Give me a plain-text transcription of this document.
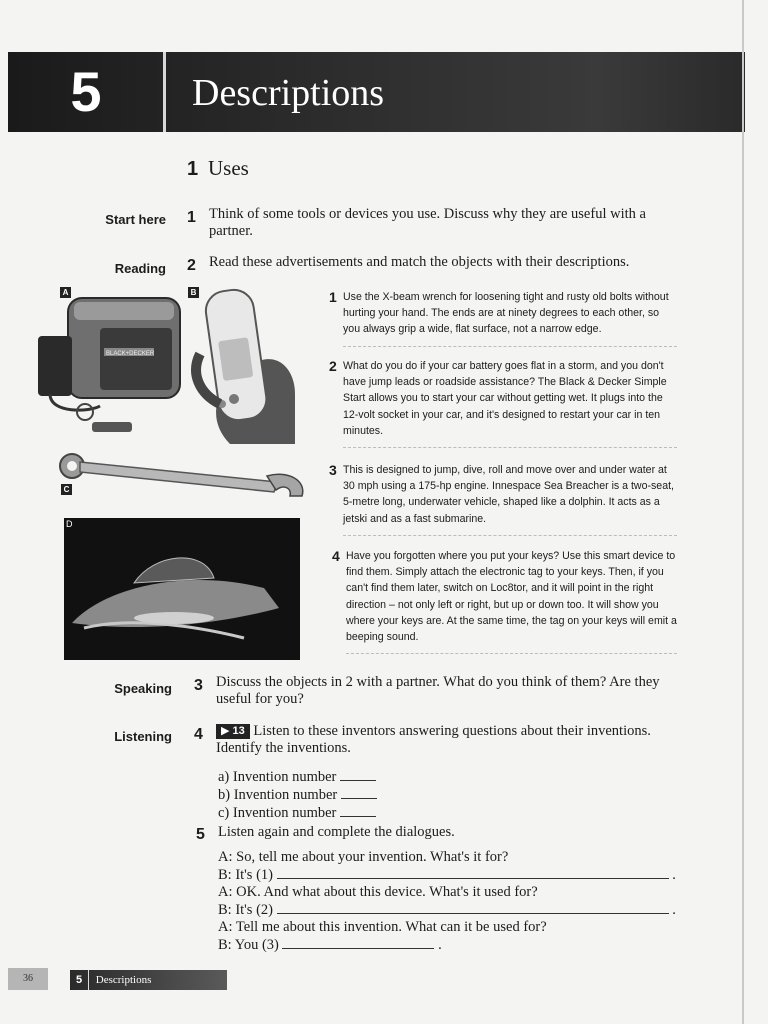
5	Descriptions
1 Uses
Start here 1 Think of some tools or devices you use. Discuss why they are useful with a partner.
Reading 2 Read these advertisements and match the objects with their descriptions.
A
BLACK+DECKER
B
C
D
1 Use the X-beam wrench for loosening tight and rusty old bolts without hurting your hand. The ends are at ninety degrees to each other, so you always grip a wide, flat surface, not a narrow edge.
2 What do you do if your car battery goes flat in a storm, and you don't have jump leads or roadside assistance? The Black & Decker Simple Start allows you to start your car without getting wet. It plugs into the 12-volt socket in your car, and it's designed to restart your car in ten minutes.
3 This is designed to jump, dive, roll and move over and under water at 30 mph using a 175-hp engine. Innespace Sea Breacher is a two-seat, 5-metre long, underwater vehicle, shaped like a dolphin. It acts as a jetski and as a fast submarine.
4 Have you forgotten where you put your keys? Use this smart device to find them. Simply attach the electronic tag to your keys. Then, if you can't find them later, switch on Loc8tor, and it will point in the right direction – not only left or right, but up or down too. It will show you where your keys are. At the same time, the tag on your keys will emit a beeping sound.
Speaking 3 Discuss the objects in 2 with a partner. What do you think of them? Are they useful for you?
Listening 4	▶ 13 Listen to these inventors answering questions about their inventions. Identify the inventions.
a) Invention number
b) Invention number
c) Invention number
5 Listen again and complete the dialogues.
A: So, tell me about your invention. What's it for?
B: It's (1)	.
A: OK. And what about this device. What's it used for?
B: It's (2)	.
A: Tell me about this invention. What can it be used for?
B: You (3)	.
36	5 Descriptions
